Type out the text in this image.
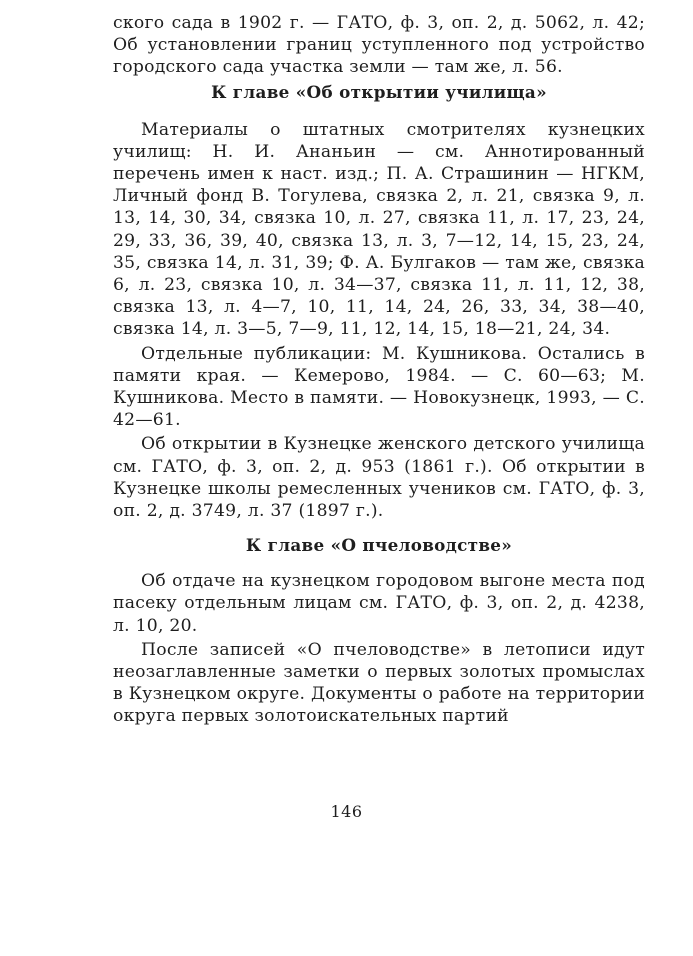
ского сада в 1902 г. — ГАТО, ф. 3, оп. 2, д. 5062, л. 42; Об установлении границ уступленного под устройство городского сада участка земли — там же, л. 56.

К главе «Об открытии училища»

Материалы о штатных смотрителях кузнецких училищ: Н. И. Ананьин — см. Аннотированный перечень имен к наст. изд.; П. А. Страшинин — НГКМ, Личный фонд В. Тогулева, связка 2, л. 21, связка 9, л. 13, 14, 30, 34, связка 10, л. 27, связка 11, л. 17, 23, 24, 29, 33, 36, 39, 40, связка 13, л. 3, 7—12, 14, 15, 23, 24, 35, связка 14, л. 31, 39; Ф. А. Булгаков — там же, связка 6, л. 23, связка 10, л. 34—37, связка 11, л. 11, 12, 38, связка 13, л. 4—7, 10, 11, 14, 24, 26, 33, 34, 38—40, связка 14, л. 3—5, 7—9, 11, 12, 14, 15, 18—21, 24, 34.

Отдельные публикации: М. Кушникова. Остались в памяти края. — Кемерово, 1984. — С. 60—63; М. Кушникова. Место в памяти. — Новокузнецк, 1993, — С. 42—61.

Об открытии в Кузнецке женского детского училища см. ГАТО, ф. 3, оп. 2, д. 953 (1861 г.). Об открытии в Кузнецке школы ремесленных учеников см. ГАТО, ф. 3, оп. 2, д. 3749, л. 37 (1897 г.).

К главе «О пчеловодстве»

Об отдаче на кузнецком городовом выгоне места под пасеку отдельным лицам см. ГАТО, ф. 3, оп. 2, д. 4238, л. 10, 20.

После записей «О пчеловодстве» в летописи идут неозаглавленные заметки о первых золотых промыслах в Кузнецком округе. Документы о работе на территории округа первых золотоискательных партий

146
